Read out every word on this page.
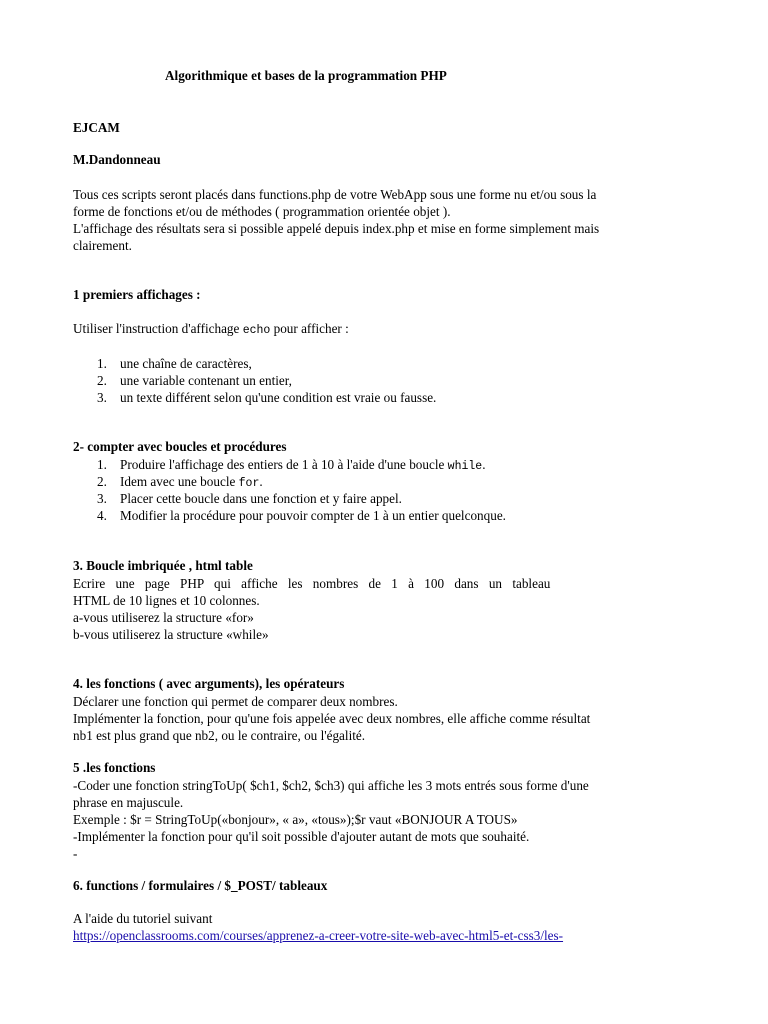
Algorithmique et bases de la programmation PHP
EJCAM
M.Dandonneau
Tous ces scripts seront placés dans functions.php de votre WebApp sous une forme nu et/ou sous la
forme de fonctions et/ou de méthodes ( programmation orientée objet ).
L'affichage des résultats sera si possible appelé depuis index.php et mise en forme simplement mais
clairement.
1 premiers affichages :
Utiliser l'instruction d'affichage echo pour afficher :
1. une chaîne de caractères,
2. une variable contenant un entier,
3. un texte différent selon qu'une condition est vraie ou fausse.
2- compter avec boucles et procédures
1. Produire l'affichage des entiers de 1 à 10 à l'aide d'une boucle while.
2. Idem avec une boucle for.
3. Placer cette boucle dans une fonction et y faire appel.
4. Modifier la procédure pour pouvoir compter de 1 à un entier quelconque.
3. Boucle imbriquée , html table
Ecrire une page PHP qui affiche les nombres de 1 à 100 dans un tableau
HTML de 10 lignes et 10 colonnes.
a-vous utiliserez la structure «for»
b-vous utiliserez la structure «while»
4. les fonctions ( avec arguments), les opérateurs
Déclarer une fonction qui permet de comparer deux nombres.
Implémenter la fonction, pour qu'une fois appelée avec deux nombres, elle affiche comme résultat
nb1 est plus grand que nb2, ou le contraire, ou l'égalité.
5 .les fonctions
-Coder une fonction stringToUp( $ch1, $ch2, $ch3) qui affiche les 3 mots entrés sous forme d'une
phrase en majuscule.
Exemple : $r = StringToUp(«bonjour», « a», «tous»);$r vaut «BONJOUR A TOUS»
-Implémenter la fonction pour qu'il soit possible d'ajouter autant de mots que souhaité.
-
6. functions / formulaires / $_POST/ tableaux
A l'aide du tutoriel suivant
https://openclassrooms.com/courses/apprenez-a-creer-votre-site-web-avec-html5-et-css3/les-
